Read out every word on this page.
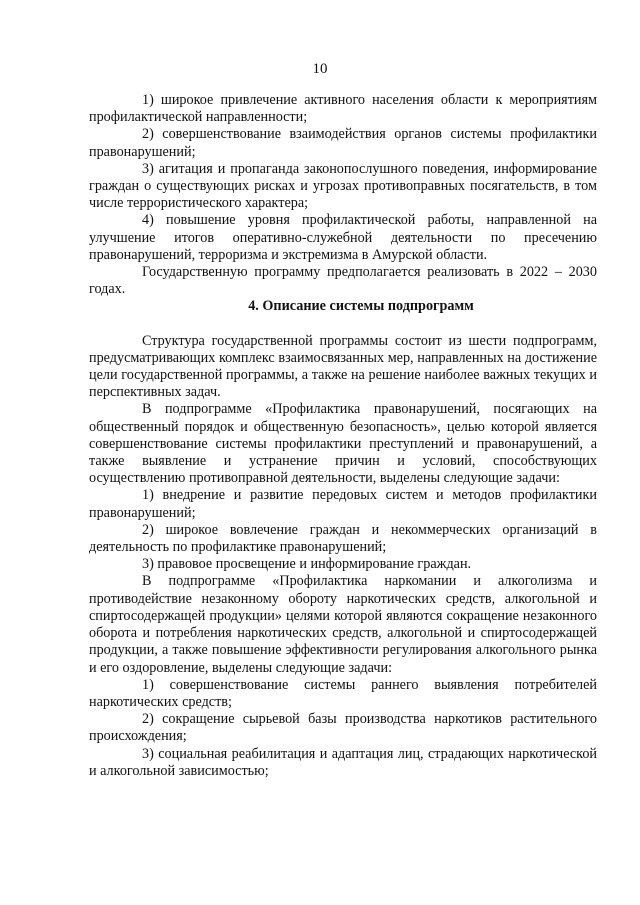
10

1) широкое привлечение активного населения области к мероприятиям профилактической направленности;

2) совершенствование взаимодействия органов системы профилактики правонарушений;

3) агитация и пропаганда законопослушного поведения, информирование граждан о существующих рисках и угрозах противоправных посягательств, в том числе террористического характера;

4) повышение уровня профилактической работы, направленной на улучшение итогов оперативно-служебной деятельности по пресечению правонарушений, терроризма и экстремизма в Амурской области.

Государственную программу предполагается реализовать в 2022 – 2030 годах.

4. Описание системы подпрограмм

Структура государственной программы состоит из шести подпрограмм, предусматривающих комплекс взаимосвязанных мер, направленных на достижение цели государственной программы, а также на решение наиболее важных текущих и перспективных задач.

В подпрограмме «Профилактика правонарушений, посягающих на общественный порядок и общественную безопасность», целью которой является совершенствование системы профилактики преступлений и правонарушений, а также выявление и устранение причин и условий, способствующих осуществлению противоправной деятельности, выделены следующие задачи:

1) внедрение и развитие передовых систем и методов профилактики правонарушений;

2) широкое вовлечение граждан и некоммерческих организаций в деятельность по профилактике правонарушений;

3) правовое просвещение и информирование граждан.

В подпрограмме «Профилактика наркомании и алкоголизма и противодействие незаконному обороту наркотических средств, алкогольной и спиртосодержащей продукции» целями которой являются сокращение незаконного оборота и потребления наркотических средств, алкогольной и спиртосодержащей продукции, а также повышение эффективности регулирования алкогольного рынка и его оздоровление, выделены следующие задачи:

1) совершенствование системы раннего выявления потребителей наркотических средств;

2) сокращение сырьевой базы производства наркотиков растительного происхождения;

3) социальная реабилитация и адаптация лиц, страдающих наркотической и алкогольной зависимостью;
